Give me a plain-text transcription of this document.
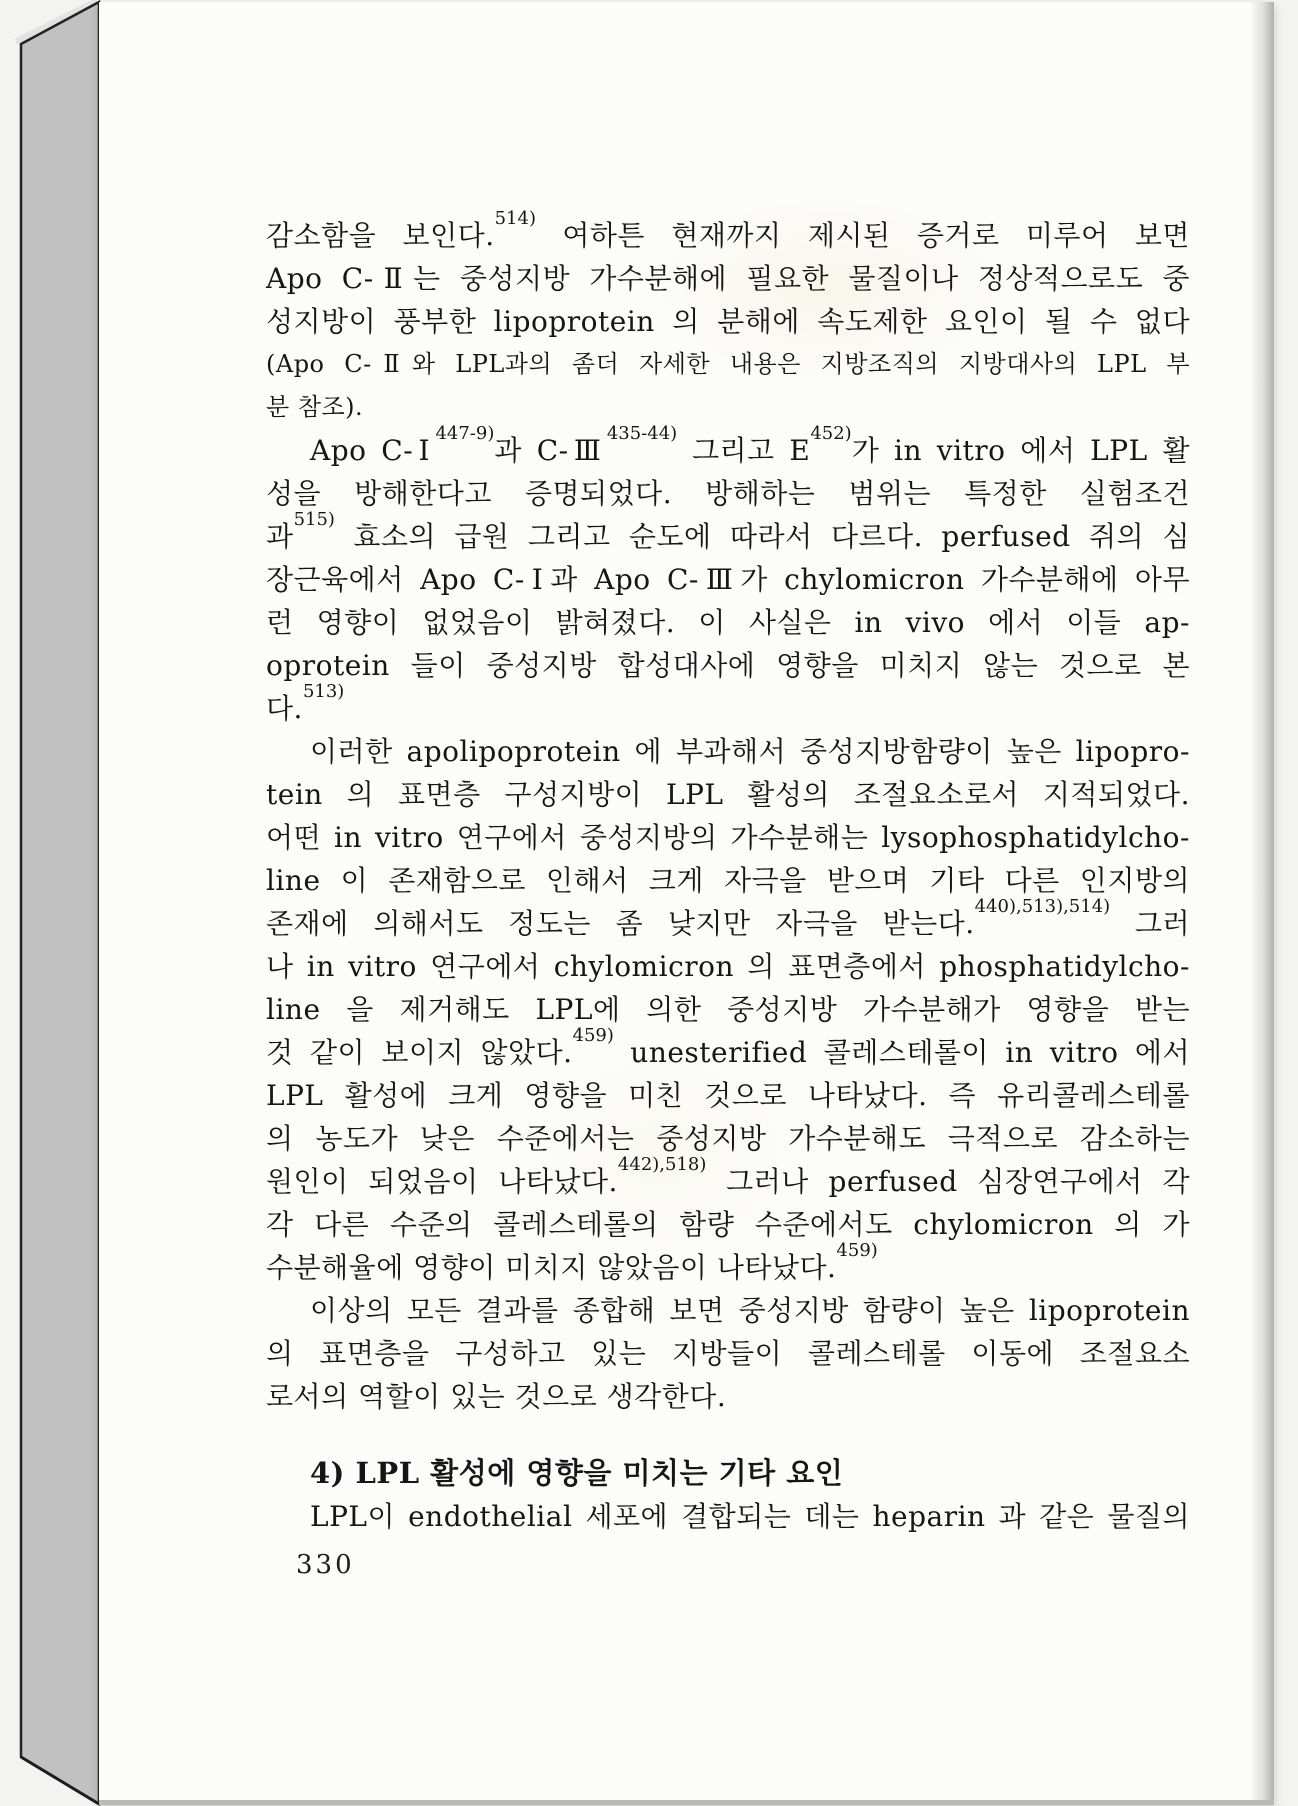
감소함을 보인다.$^{514)}$ 여하튼 현재까지 제시된 증거로 미루어 보면
Apo C-Ⅱ는 중성지방 가수분해에 필요한 물질이나 정상적으로도 중
성지방이 풍부한 lipoprotein 의 분해에 속도제한 요인이 될 수 없다
(Apo C-Ⅱ와 LPL과의 좀더 자세한 내용은 지방조직의 지방대사의 LPL 부
분 참조).
Apo C-Ⅰ$^{447-9)}$과 C-Ⅲ$^{435-44)}$ 그리고 $E^{452)}$가 in vitro 에서 LPL 활
성을 방해한다고 증명되었다. 방해하는 범위는 특정한 실험조건
과$^{515)}$ 효소의 급원 그리고 순도에 따라서 다르다. perfused 쥐의 심
장근육에서 Apo C-Ⅰ과 Apo C-Ⅲ가 chylomicron 가수분해에 아무
런 영향이 없었음이 밝혀졌다. 이 사실은 in vivo 에서 이들 ap-
oprotein 들이 중성지방 합성대사에 영향을 미치지 않는 것으로 본
다.$^{513)}$
이러한 apolipoprotein 에 부과해서 중성지방함량이 높은 lipopro-
tein 의 표면층 구성지방이 LPL 활성의 조절요소로서 지적되었다.
어떤 in vitro 연구에서 중성지방의 가수분해는 lysophosphatidylcho-
line 이 존재함으로 인해서 크게 자극을 받으며 기타 다른 인지방의
존재에 의해서도 정도는 좀 낮지만 자극을 받는다.$^{440),513),514)}$ 그러
나 in vitro 연구에서 chylomicron 의 표면층에서 phosphatidylcho-
line 을 제거해도 LPL에 의한 중성지방 가수분해가 영향을 받는
것 같이 보이지 않았다.$^{459)}$ unesterified 콜레스테롤이 in vitro 에서
LPL 활성에 크게 영향을 미친 것으로 나타났다. 즉 유리콜레스테롤
의 농도가 낮은 수준에서는 중성지방 가수분해도 극적으로 감소하는
원인이 되었음이 나타났다.$^{442),518)}$ 그러나 perfused 심장연구에서 각
각 다른 수준의 콜레스테롤의 함량 수준에서도 chylomicron 의 가
수분해율에 영향이 미치지 않았음이 나타났다.$^{459)}$
이상의 모든 결과를 종합해 보면 중성지방 함량이 높은 lipoprotein
의 표면층을 구성하고 있는 지방들이 콜레스테롤 이동에 조절요소
로서의 역할이 있는 것으로 생각한다.
4) LPL 활성에 영향을 미치는 기타 요인
LPL이 endothelial 세포에 결합되는 데는 heparin 과 같은 물질의
330
